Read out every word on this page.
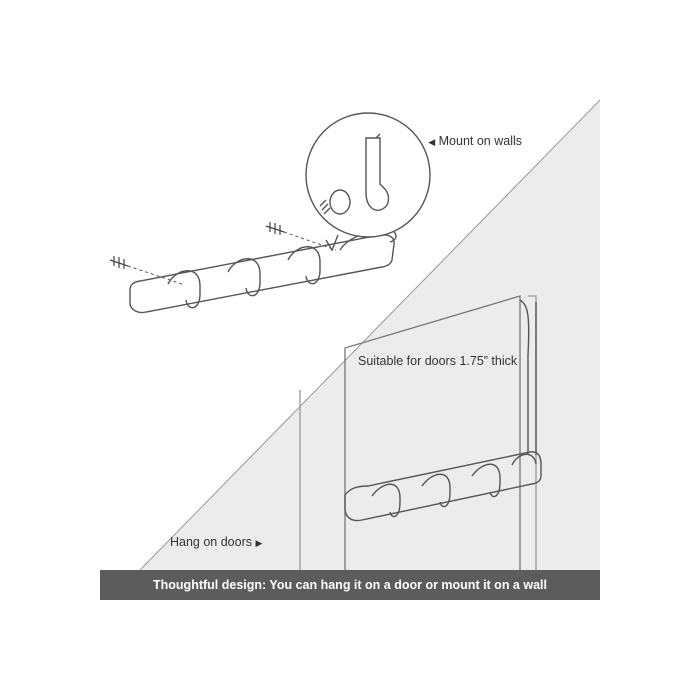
◀ Mount on walls
Suitable for doors 1.75” thick
Hang on doors ▶
Thoughtful design: You can hang it on a door or mount it on a wall
